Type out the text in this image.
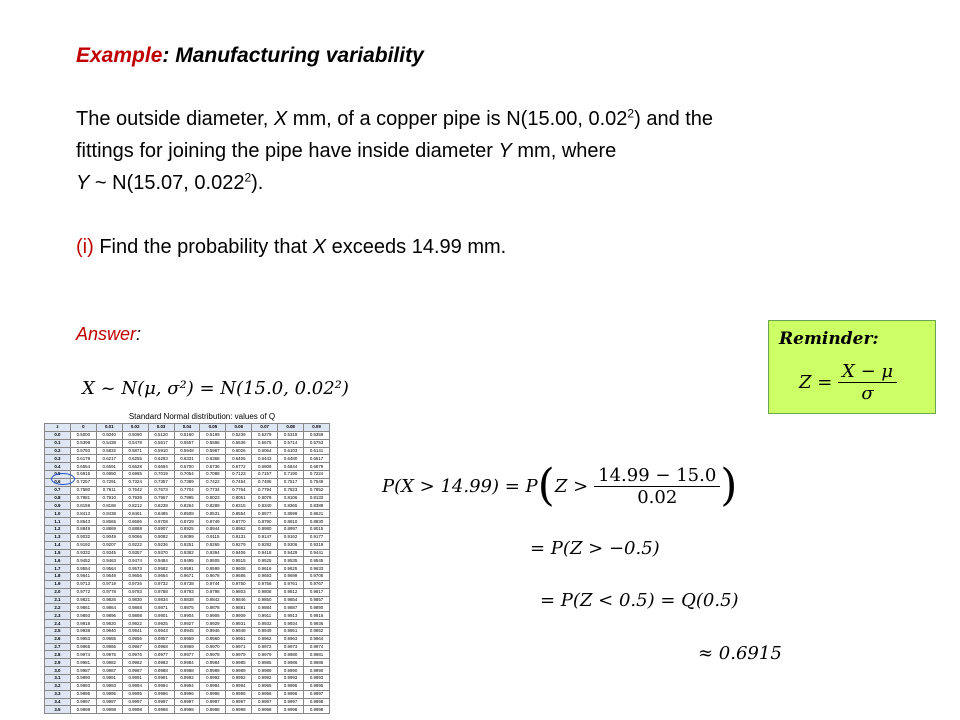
Example: Manufacturing variability
The outside diameter, X mm, of a copper pipe is N(15.00, 0.02$^2$) and the
fittings for joining the pipe have inside diameter Y mm, where
Y ~ N(15.07, 0.022$^2$).
(i) Find the probability that X exceeds 14.99 mm.
Answer:
X ~ N(μ, σ²) = N(15.0, 0.02²)
Reminder:
$Z = \frac{X - \mu}{\sigma}$
Standard Normal distribution: values of Q
z	0	0.01	0.02	0.03	0.04	0.05	0.06	0.07	0.08	0.09
0.0	0.5000	0.5040	0.5080	0.5120	0.5160	0.5199	0.5239	0.5279	0.5319	0.5359
0.1	0.5398	0.5438	0.5478	0.5517	0.5557	0.5596	0.5636	0.5675	0.5714	0.5753
0.2	0.5793	0.5832	0.5871	0.5910	0.5948	0.5987	0.6026	0.6064	0.6103	0.6141
0.3	0.6179	0.6217	0.6255	0.6293	0.6331	0.6368	0.6406	0.6443	0.6480	0.6517
0.4	0.6554	0.6591	0.6628	0.6664	0.6700	0.6736	0.6772	0.6808	0.6844	0.6879
0.5	0.6915	0.6950	0.6985	0.7019	0.7054	0.7088	0.7123	0.7157	0.7190	0.7224
0.6	0.7257	0.7291	0.7324	0.7357	0.7389	0.7422	0.7454	0.7486	0.7517	0.7549
0.7	0.7580	0.7611	0.7642	0.7673	0.7704	0.7734	0.7764	0.7794	0.7823	0.7852
0.8	0.7881	0.7910	0.7939	0.7967	0.7995	0.8023	0.8051	0.8078	0.8106	0.8133
0.9	0.8159	0.8186	0.8212	0.8238	0.8264	0.8289	0.8315	0.8340	0.8365	0.8389
1.0	0.8413	0.8438	0.8461	0.8485	0.8508	0.8531	0.8554	0.8577	0.8599	0.8621
1.1	0.8643	0.8665	0.8686	0.8708	0.8729	0.8749	0.8770	0.8790	0.8810	0.8830
1.2	0.8849	0.8869	0.8888	0.8907	0.8925	0.8944	0.8962	0.8980	0.8997	0.9015
1.3	0.9032	0.9049	0.9066	0.9082	0.9099	0.9115	0.9131	0.9147	0.9162	0.9177
1.4	0.9192	0.9207	0.9222	0.9236	0.9251	0.9265	0.9279	0.9292	0.9306	0.9319
1.5	0.9332	0.9345	0.9357	0.9370	0.9382	0.9394	0.9406	0.9418	0.9429	0.9441
1.6	0.9452	0.9463	0.9474	0.9484	0.9495	0.9505	0.9515	0.9525	0.9535	0.9545
1.7	0.9554	0.9564	0.9573	0.9582	0.9591	0.9599	0.9608	0.9616	0.9625	0.9633
1.8	0.9641	0.9649	0.9656	0.9664	0.9671	0.9678	0.9686	0.9693	0.9699	0.9706
1.9	0.9713	0.9719	0.9726	0.9732	0.9738	0.9744	0.9750	0.9756	0.9761	0.9767
2.0	0.9772	0.9778	0.9783	0.9788	0.9793	0.9798	0.9803	0.9808	0.9812	0.9817
2.1	0.9821	0.9826	0.9830	0.9834	0.9838	0.9842	0.9846	0.9850	0.9854	0.9857
2.2	0.9861	0.9864	0.9868	0.9871	0.9875	0.9878	0.9881	0.9884	0.9887	0.9890
2.3	0.9893	0.9896	0.9898	0.9901	0.9904	0.9906	0.9909	0.9911	0.9913	0.9916
2.4	0.9918	0.9920	0.9922	0.9925	0.9927	0.9929	0.9931	0.9932	0.9934	0.9936
2.5	0.9938	0.9940	0.9941	0.9943	0.9945	0.9946	0.9948	0.9949	0.9951	0.9952
2.6	0.9953	0.9955	0.9956	0.9957	0.9959	0.9960	0.9961	0.9962	0.9963	0.9964
2.7	0.9965	0.9966	0.9967	0.9968	0.9969	0.9970	0.9971	0.9972	0.9973	0.9974
2.8	0.9974	0.9975	0.9976	0.9977	0.9977	0.9978	0.9979	0.9979	0.9980	0.9981
2.9	0.9981	0.9982	0.9982	0.9983	0.9984	0.9984	0.9985	0.9985	0.9986	0.9986
3.0	0.9987	0.9987	0.9987	0.9988	0.9988	0.9989	0.9989	0.9989	0.9990	0.9990
3.1	0.9990	0.9991	0.9991	0.9991	0.9992	0.9992	0.9992	0.9992	0.9993	0.9993
3.2	0.9993	0.9993	0.9994	0.9994	0.9994	0.9994	0.9994	0.9995	0.9995	0.9995
3.3	0.9995	0.9995	0.9995	0.9996	0.9996	0.9996	0.9996	0.9996	0.9996	0.9997
3.4	0.9997	0.9997	0.9997	0.9997	0.9997	0.9997	0.9997	0.9997	0.9997	0.9998
3.5	0.9998	0.9998	0.9998	0.9998	0.9998	0.9998	0.9998	0.9998	0.9998	0.9998
P(X > 14.99) = P ( $Z > \frac{14.99 - 15.0}{0.02}$ )
= P(Z > −0.5)
= P(Z < 0.5) = Q(0.5)
≈ 0.6915
